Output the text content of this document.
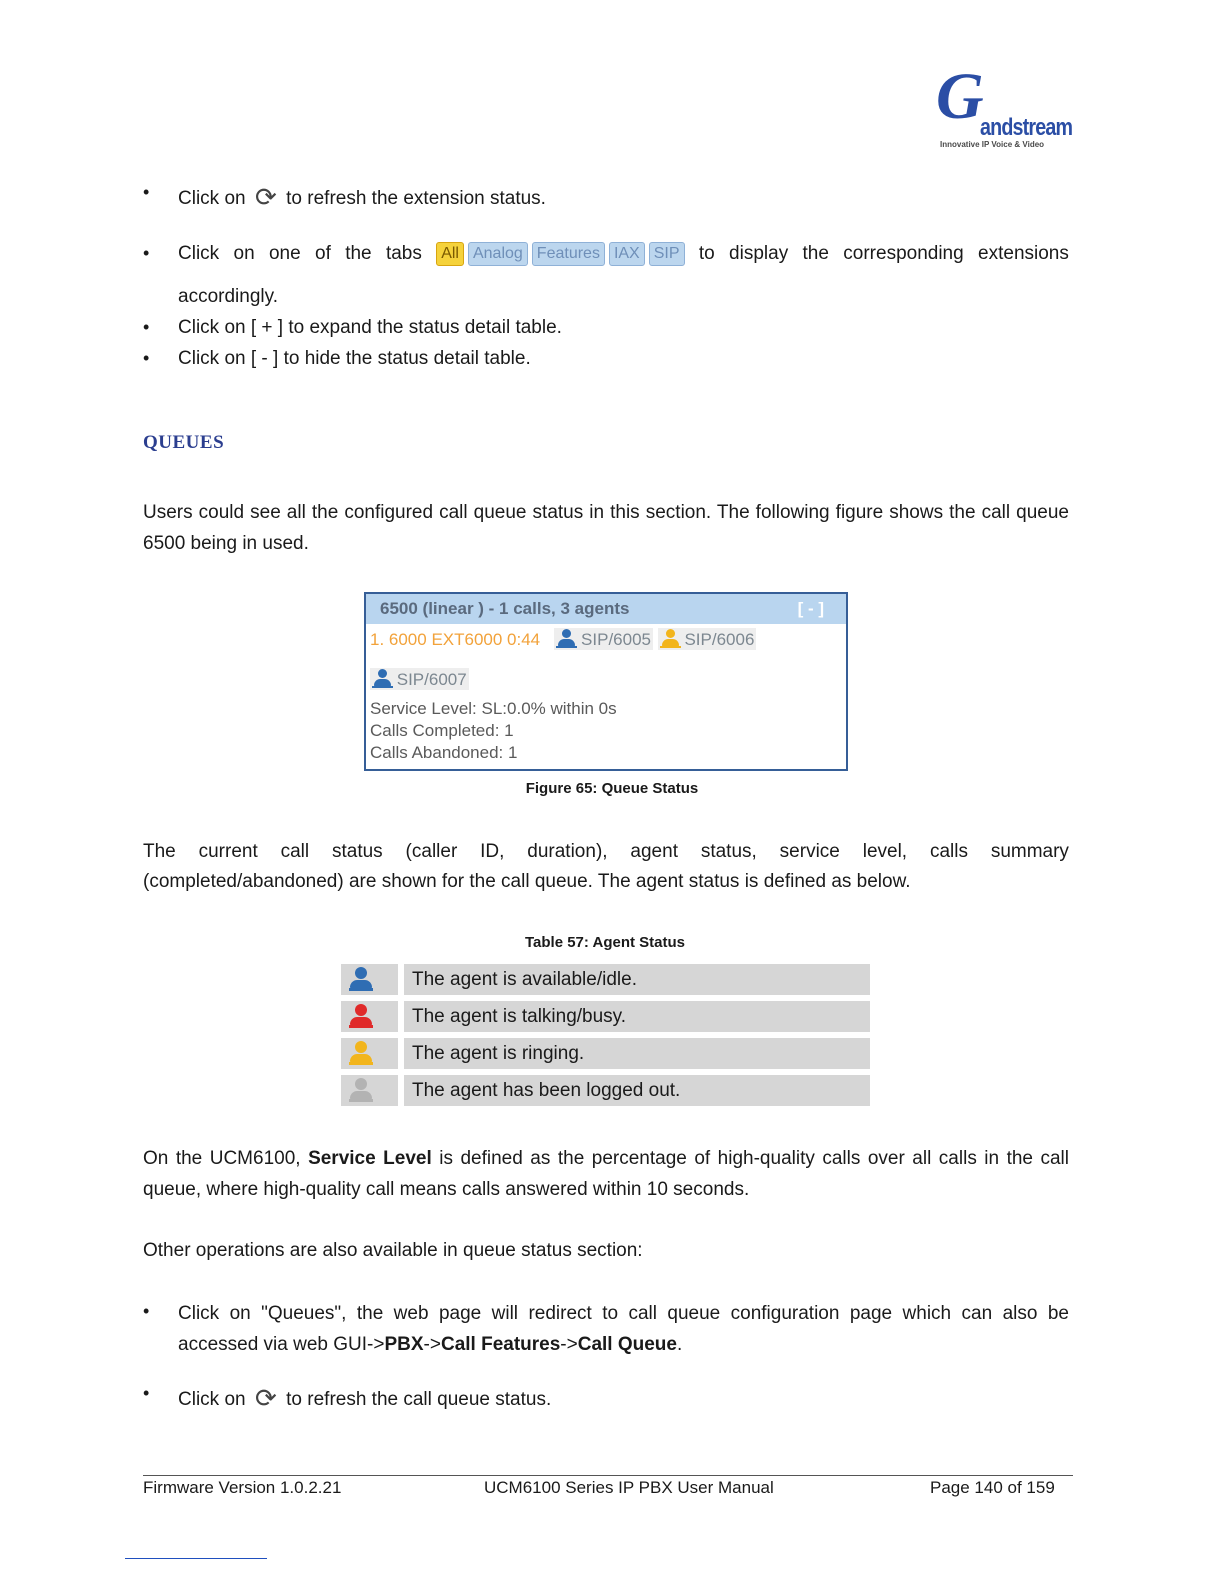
G
andstream
Innovative IP Voice & Video
•
Click on ⟳ to refresh the extension status.
•
Click on one of the tabs	All Analog Features IAX SIP to display the corresponding extensions
accordingly.
•
Click on [ + ] to expand the status detail table.
•
Click on [ - ] to hide the status detail table.
QUEUES
Users could see all the configured call queue status in this section. The following figure shows the call queue 6500 being in used.
6500 (linear ) - 1 calls, 3 agents	[ - ]
1. 6000 EXT6000 0:44 SIP/6005 SIP/6006
SIP/6007
Service Level: SL:0.0% within 0s
Calls Completed: 1
Calls Abandoned: 1
Figure 65: Queue Status
The current call status (caller ID, duration), agent status, service level, calls summary
(completed/abandoned) are shown for the call queue. The agent status is defined as below.
Table 57: Agent Status
The agent is available/idle.
The agent is talking/busy.
The agent is ringing.
The agent has been logged out.
On the UCM6100, Service Level is defined as the percentage of high-quality calls over all calls in the call queue, where high-quality call means calls answered within 10 seconds.
Other operations are also available in queue status section:
•
Click on "Queues", the web page will redirect to call queue configuration page which can also be accessed via web GUI->PBX->Call Features->Call Queue.
•
Click on ⟳ to refresh the call queue status.
Firmware Version 1.0.2.21	UCM6100 Series IP PBX User Manual	Page 140 of 159
